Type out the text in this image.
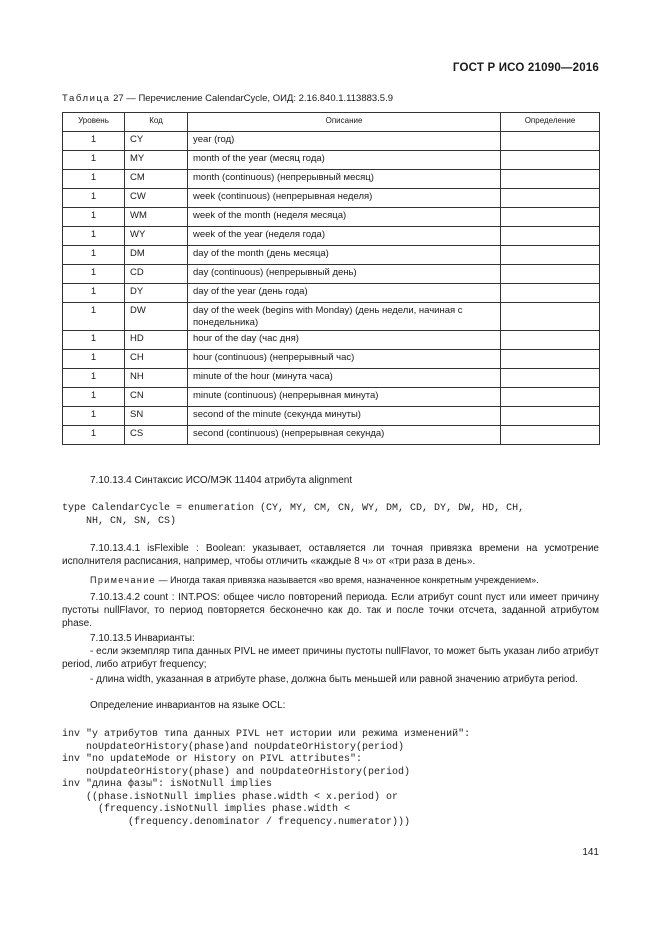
ГОСТ Р ИСО 21090—2016
Таблица 27 — Перечисление CalendarCycle, ОИД: 2.16.840.1.113883.5.9
Уровень	Код	Описание	Определение
1	CY	year (год)	
1	MY	month of the year (месяц года)	
1	CM	month (continuous) (непрерывный месяц)	
1	CW	week (continuous) (непрерывная неделя)	
1	WM	week of the month (неделя месяца)	
1	WY	week of the year (неделя года)	
1	DM	day of the month (день месяца)	
1	CD	day (continuous) (непрерывный день)	
1	DY	day of the year (день года)	
1	DW	day of the week (begins with Monday) (день недели, начиная с понедельника)	
1	HD	hour of the day (час дня)	
1	CH	hour (continuous) (непрерывный час)	
1	NH	minute of the hour (минута часа)	
1	CN	minute (continuous) (непрерывная минута)	
1	SN	second of the minute (секунда минуты)	
1	CS	second (continuous) (непрерывная секунда)	
7.10.13.4 Синтаксис ИСО/МЭК 11404 атрибута alignment
type CalendarCycle = enumeration (CY, MY, CM, CN, WY, DM, CD, DY, DW, HD, CH,
NH, CN, SN, CS)
7.10.13.4.1 isFlexible : Boolean: указывает, оставляется ли точная привязка времени на усмотрение исполнителя расписания, например, чтобы отличить «каждые 8 ч» от «три раза в день».
Примечание — Иногда такая привязка называется «во время, назначенное конкретным учреждением».
7.10.13.4.2 count : INT.POS: общее число повторений периода. Если атрибут count пуст или имеет причину пустоты nullFlavor, то период повторяется бесконечно как до. так и после точки отсчета, заданной атрибутом phase.
7.10.13.5 Инварианты:
- если экземпляр типа данных PIVL не имеет причины пустоты nullFlavor, то может быть указан либо атрибут period, либо атрибут frequency;
- длина width, указанная в атрибуте phase, должна быть меньшей или равной значению атрибута period.
Определение инвариантов на языке OCL:
inv "у атрибутов типа данных PIVL нет истории или режима изменений":
noUpdateOrHistory(phase)and noUpdateOrHistory(period)
inv "no updateMode or History on PIVL attributes":
noUpdateOrHistory(phase) and noUpdateOrHistory(period)
inv "длина фазы": isNotNull implies
((phase.isNotNull implies phase.width < x.period) or
(frequency.isNotNull implies phase.width <
(frequency.denominator / frequency.numerator)))
141
